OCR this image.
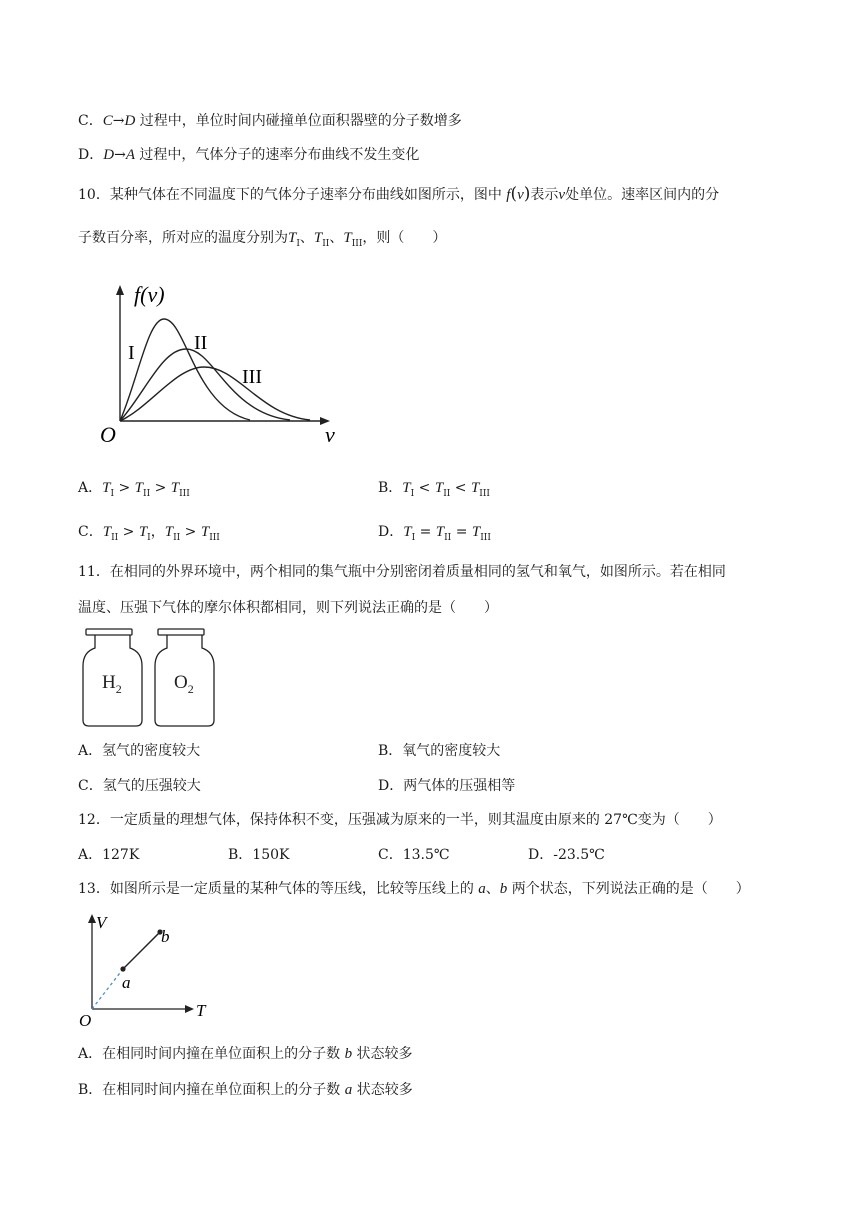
C．C→D 过程中，单位时间内碰撞单位面积器壁的分子数增多
D．D→A 过程中，气体分子的速率分布曲线不发生变化
10．某种气体在不同温度下的气体分子速率分布曲线如图所示，图中 f(v)表示v处单位。速率区间内的分
子数百分率，所对应的温度分别为$T_I$、$T_{II}$、$T_{III}$，则（　　）
f(v)
v
O
I	II
III
A．$T_I > T_{II} > T_{III}$	B．$T_I < T_{II} < T_{III}$
C．$T_{II} > T_I$，$T_{II} > T_{III}$	D．$T_I = T_{II} = T_{III}$
11．在相同的外界环境中，两个相同的集气瓶中分别密闭着质量相同的氢气和氧气，如图所示。若在相同
温度、压强下气体的摩尔体积都相同，则下列说法正确的是（　　）
$H_2$	$O_2$
A．氢气的密度较大	B．氧气的密度较大
C．氢气的压强较大	D．两气体的压强相等
12．一定质量的理想气体，保持体积不变，压强减为原来的一半，则其温度由原来的 27℃变为（　　）
A．127K	B．150K	C．13.5℃	D．-23.5℃
13．如图所示是一定质量的某种气体的等压线，比较等压线上的 a、b 两个状态，下列说法正确的是（　　）
a
b
V
T
O
A．在相同时间内撞在单位面积上的分子数 b 状态较多
B．在相同时间内撞在单位面积上的分子数 a 状态较多
